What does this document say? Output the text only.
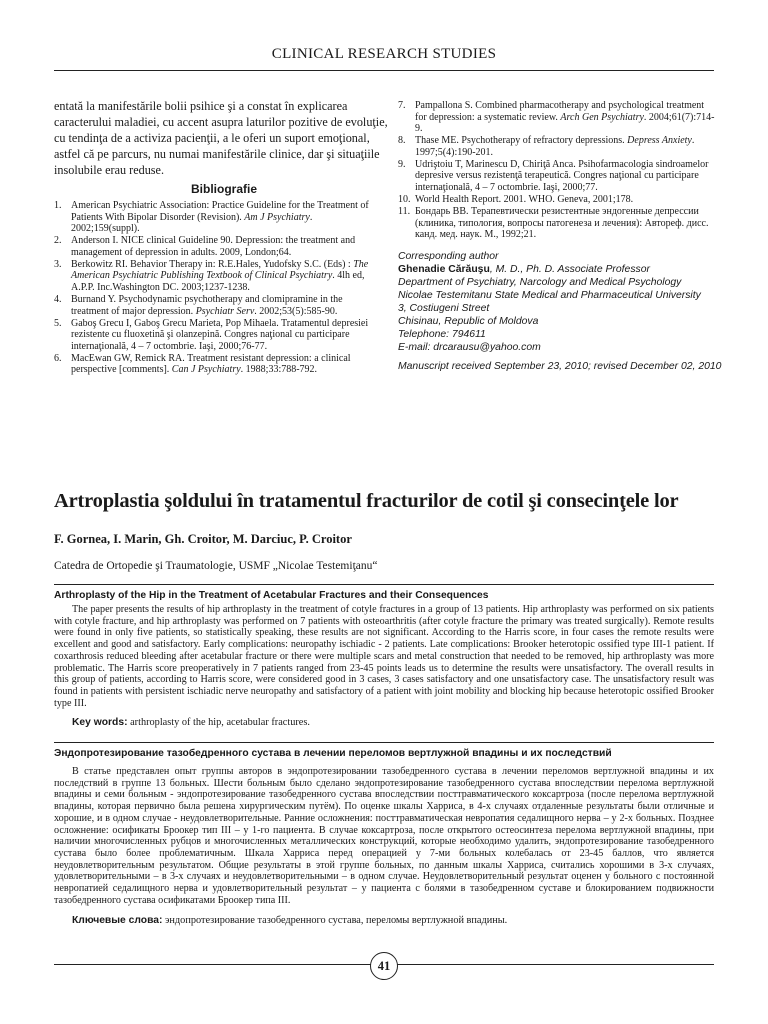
CLINICAL RESEARCH STUDIES

entată la manifestările bolii psihice şi a constat în explicarea caracterului maladiei, cu accent asupra laturilor pozitive de evoluţie, cu tendinţa de a activiza pacienţii, a le oferi un suport emoţional, astfel că pe parcurs, nu numai manifestările clinice, dar şi situaţiile insolubile erau reduse.

Bibliografie
1. American Psychiatric Association: Practice Guideline for the Treatment of Patients With Bipolar Disorder (Revision). Am J Psychiatry. 2002;159(suppl).
2. Anderson I. NICE clinical Guideline 90. Depression: the treatment and management of depression in adults. 2009, London;64.
3. Berkowitz RI. Behavior Therapy in: R.E.Hales, Yudofsky S.C. (Eds) : The American Psychiatric Publishing Textbook of Clinical Psychiatry. 4lh ed, A.P.P. Inc.Washington DC. 2003;1237-1238.
4. Burnand Y. Psychodynamic psychotherapy and clomipramine in the treatment of major depression. Psychiatr Serv. 2002;53(5):585-90.
5. Gaboş Grecu I, Gaboş Grecu Marieta, Pop Mihaela. Tratamentul depresiei rezistente cu fluoxetină şi olanzepină. Congres naţional cu participare internaţională, 4 – 7 octombrie. Iaşi, 2000;76-77.
6. MacEwan GW, Remick RA. Treatment resistant depression: a clinical perspective [comments]. Can J Psychiatry. 1988;33:788-792.
7. Pampallona S. Combined pharmacotherapy and psychological treatment for depression: a systematic review. Arch Gen Psychiatry. 2004;61(7):714-9.
8. Thase ME. Psychotherapy of refractory depressions. Depress Anxiety. 1997;5(4):190-201.
9. Udriştoiu T, Marinescu D, Chiriţă Anca. Psihofarmacologia sindroamelor depresive versus rezistenţă terapeutică. Congres naţional cu participare internaţională, 4 – 7 octombrie. Iaşi, 2000;77.
10. World Health Report. 2001. WHO. Geneva, 2001;178.
11. Бондарь ВВ. Терапевтически резистентные эндогенные депрессии (клиника, типология, вопросы патогенеза и лечения): Автореф. дисс. канд. мед. наук. М., 1992;21.
Corresponding author
Ghenadie Cărăuşu, M. D., Ph. D. Associate Professor
Department of Psychiatry, Narcology and Medical Psychology
Nicolae Testemitanu State Medical and Pharmaceutical University
3, Costiugeni Street
Chisinau, Republic of Moldova
Telephone: 794611
E-mail: drcarausu@yahoo.com
Manuscript received September 23, 2010; revised December 02, 2010
Artroplastia şoldului în tratamentul fracturilor de cotil şi consecinţele lor

F. Gornea, I. Marin, Gh. Croitor, M. Darciuc, P. Croitor

Catedra de Ortopedie şi Traumatologie, USMF „Nicolae Testemiţanu“

Arthroplasty of the Hip in the Treatment of Acetabular Fractures and their Consequences

The paper presents the results of hip arthroplasty in the treatment of cotyle fractures in a group of 13 patients. Hip arthroplasty was performed on six patients with cotyle fracture, and hip arthroplasty was performed on 7 patients with osteoarthritis (after cotyle fracture the primary was treated surgically). Remote results were found in only five patients, so statistically speaking, these results are not significant. According to the Harris score, in four cases the remote results were excellent and good and satisfactory. Early complications: neuropathy ischiadic - 2 patients. Late complications: Brooker heterotopic ossified type III-1 patient. If coxarthrosis reduced bleeding after acetabular fracture or there were multiple scars and metal construction that needed to be removed, hip arthroplasty was more problematic. The Harris score preoperatively in 7 patients ranged from 23-45 points leads us to determine the results were unsatisfactory. The overall results in this group of patients, according to Harris score, were considered good in 3 cases, 3 cases satisfactory and one unsatisfactory case. The unsatisfactory result was found in patients with persistent ischiadic nerve neuropathy and satisfactory of a patient with joint mobility and blocking hip because heterotopic ossified Brooker type III.

Key words: arthroplasty of the hip, acetabular fractures.

Эндопротезирование тазобедренного сустава в лечении переломов вертлужной впадины и их последствий

В статье представлен опыт группы авторов в эндопротезировании тазобедренного сустава в лечении переломов вертлужной впадины и их последствий в группе 13 больных. Шести больным было сделано эндопротезирование тазобедренного сустава впоследствии перелома вертлужной впадины и семи больным - эндопротезирование тазобедренного сустава впоследствии посттравматического коксартроза (после перелома вертлужной впадины, которая первично была решена хирургическим путём). По оценке шкалы Харриса, в 4-х случаях отдаленные результаты были отличные и хорошие, и в одном случае - неудовлетворительные. Ранние осложнения: посттравматическая невропатия седалищного нерва – у 2-х больных. Позднее осложнение: осификаты Броокер тип III – у 1-го пациента. В случае коксартроза, после открытого остеосинтеза перелома вертлужной впадины, при наличии многочисленных рубцов и многочисленных металлических конструкций, которые необходимо удалить, эндопротезирование тазобедренного сустава было более проблематичным. Шкала Харриса перед операцией у 7-ми больных колебалась от 23-45 баллов, что является неудовлетворительным результатом. Общие результаты в этой группе больных, по данным шкалы Харриса, считались хорошими в 3-х случаях, удовлетворительными – в 3-х случаях и неудовлетворительными – в одном случае. Неудовлетворительный результат оценен у больного с постоянной невропатией седалищного нерва и удовлетворительный результат – у пациента с болями в тазобедренном суставе и блокированием подвижности тазобедренного сустава осификатами Броокер типа III.

Ключевые слова: эндопротезирование тазобедренного сустава, переломы вертлужной впадины.

41
